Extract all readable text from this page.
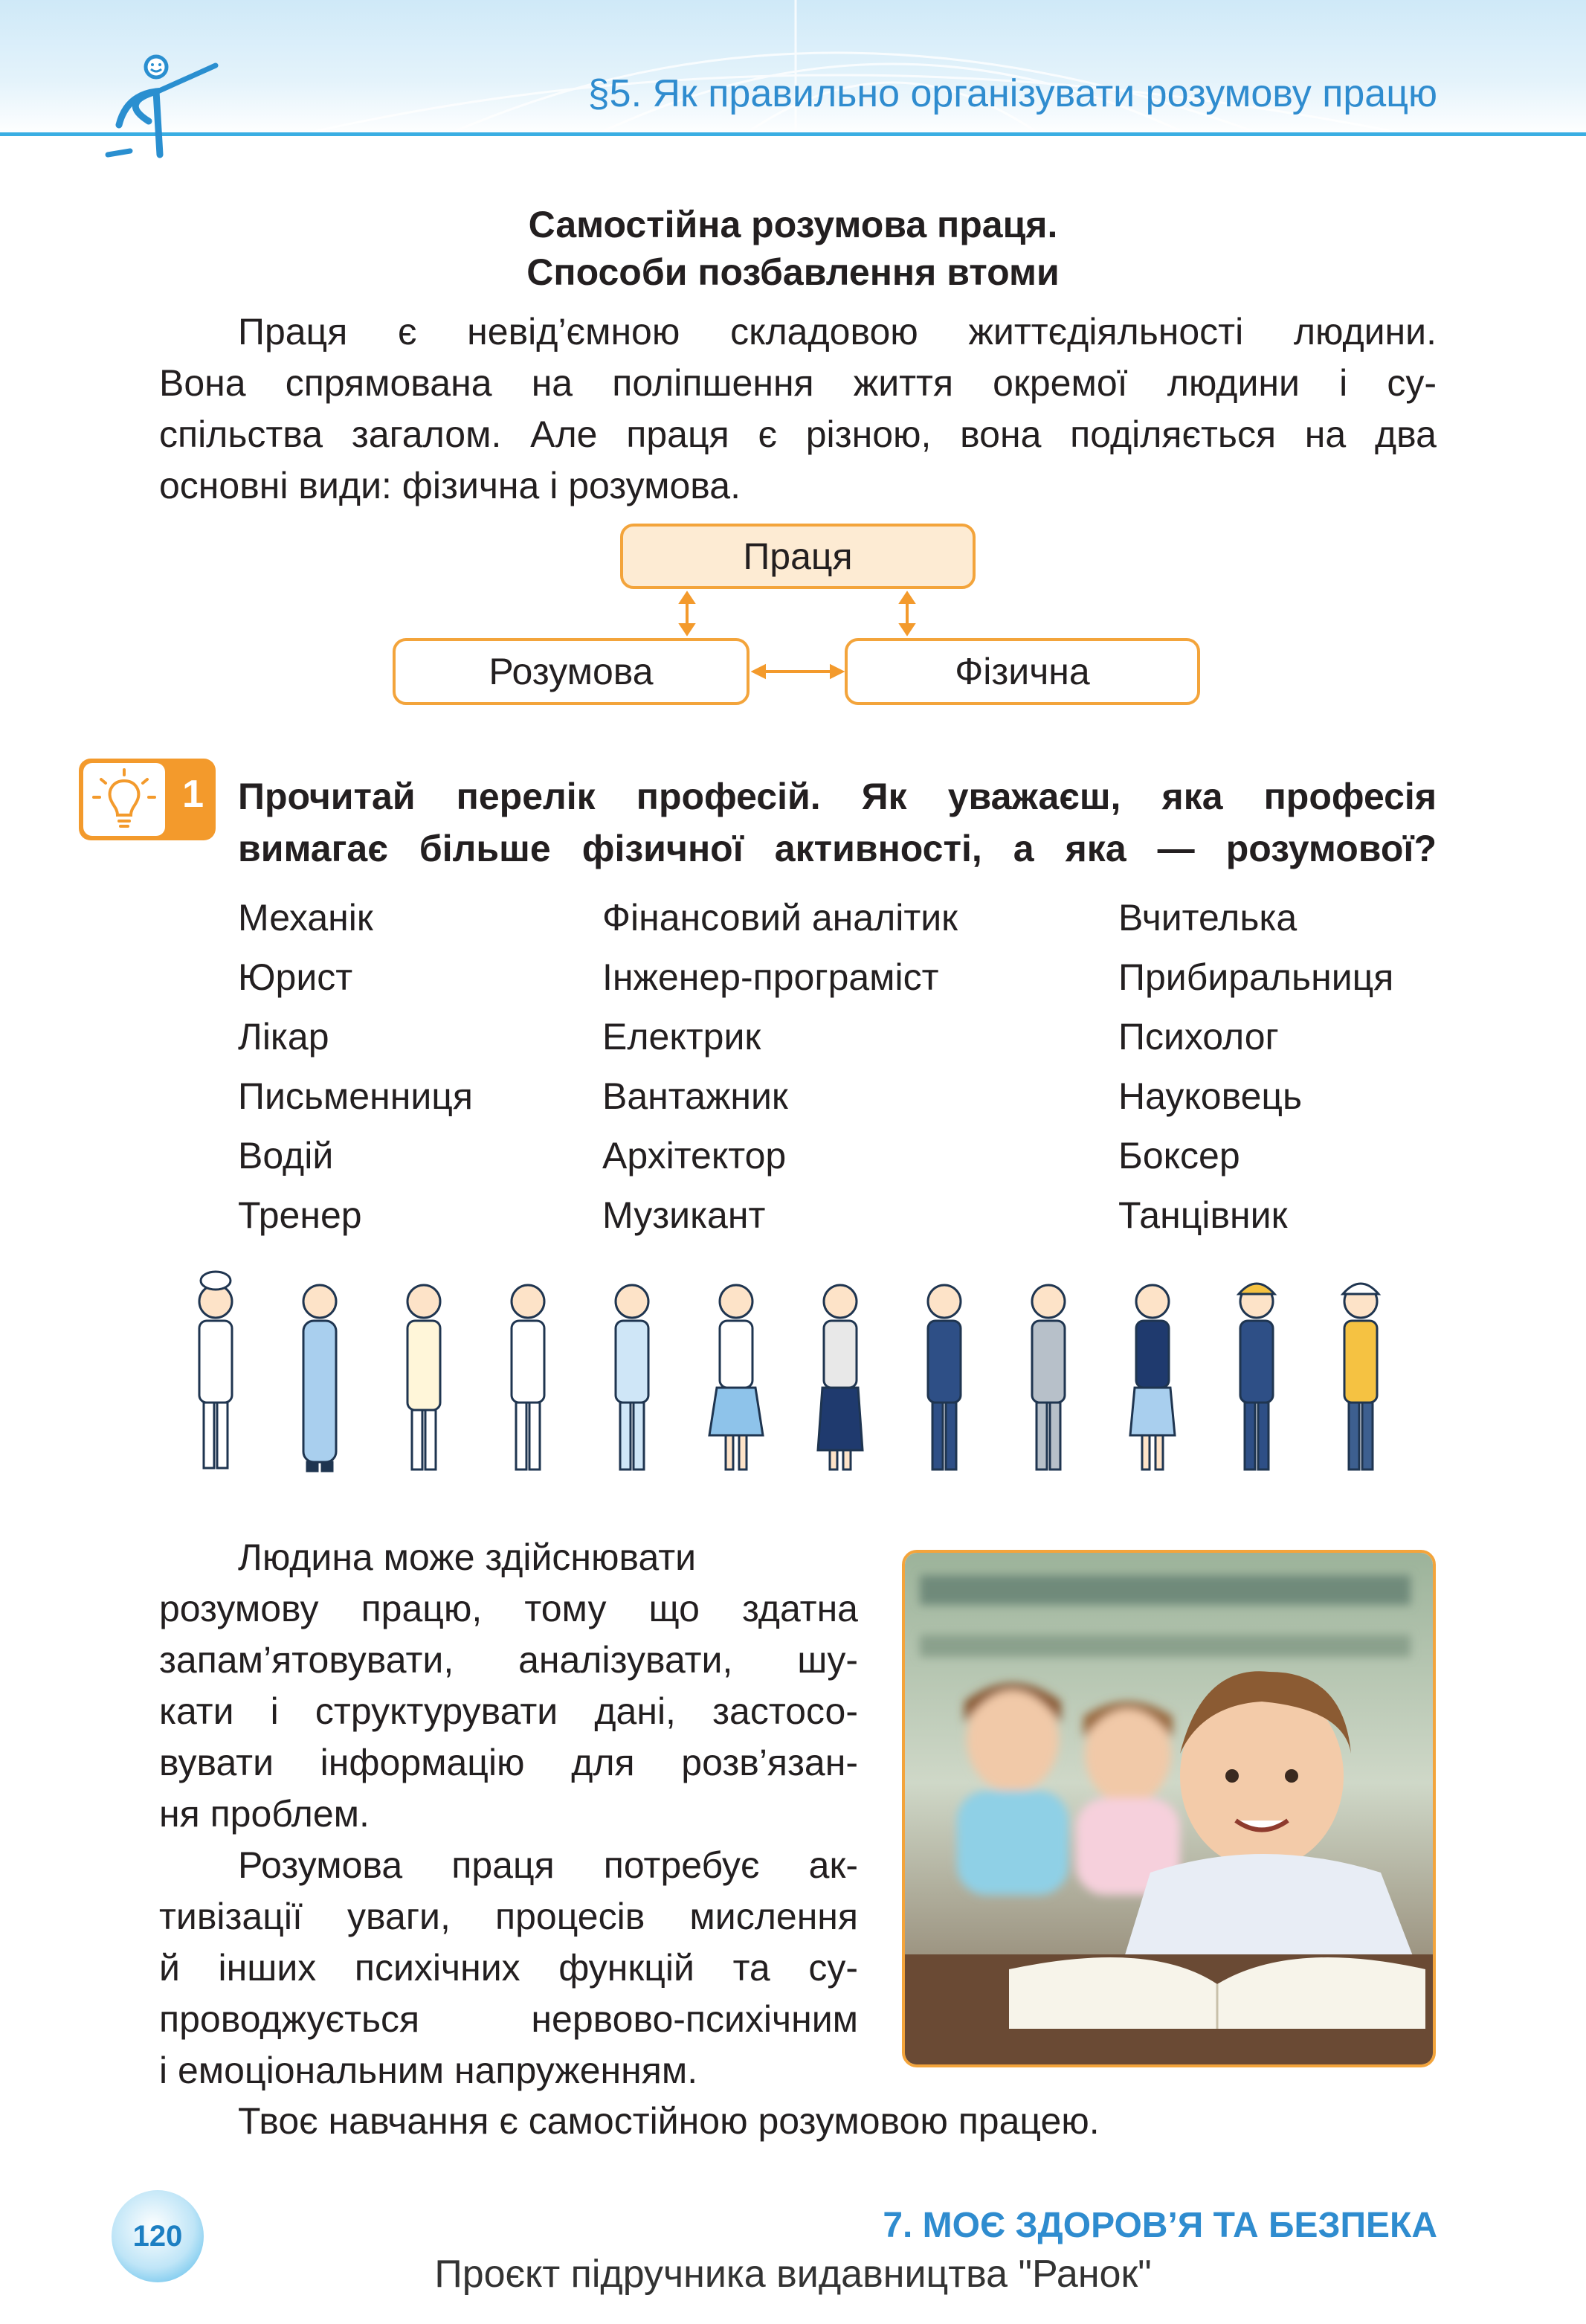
§5. Як правильно організувати розумову працю
Самостійна розумова праця.
Способи позбавлення втоми
Праця є невід’ємною складовою життєдіяльності людини.
Вона спрямована на поліпшення життя окремої людини і су-
спільства загалом. Але праця є різною, вона поділяється на два
основні види: фізична і розумова.
Праця
Розумова	Фізична
1 Прочитай перелік професій. Як уважаєш, яка професія
вимагає більше фізичної активності, а яка — розумової?
Механік
Юрист
Лікар
Письменниця
Водій
Тренер
Фінансовий аналітик
Інженер-програміст
Електрик
Вантажник
Архітектор
Музикант
Вчителька
Прибиральниця
Психолог
Науковець
Боксер
Танцівник
Людина може здійснювати
розумову працю, тому що здатна
запам’ятовувати, аналізувати, шу-
кати і структурувати дані, застосо-
вувати інформацію для розв’язан-
ня проблем.
Розумова праця потребує ак-
тивізації уваги, процесів мислення
й інших психічних функцій та су-
проводжується нервово-психічним
і емоціональним напруженням.
Твоє навчання є самостійною розумовою працею.
120	7. МОЄ ЗДОРОВ’Я ТА БЕЗПЕКА
Проєкт підручника видавництва "Ранок"
